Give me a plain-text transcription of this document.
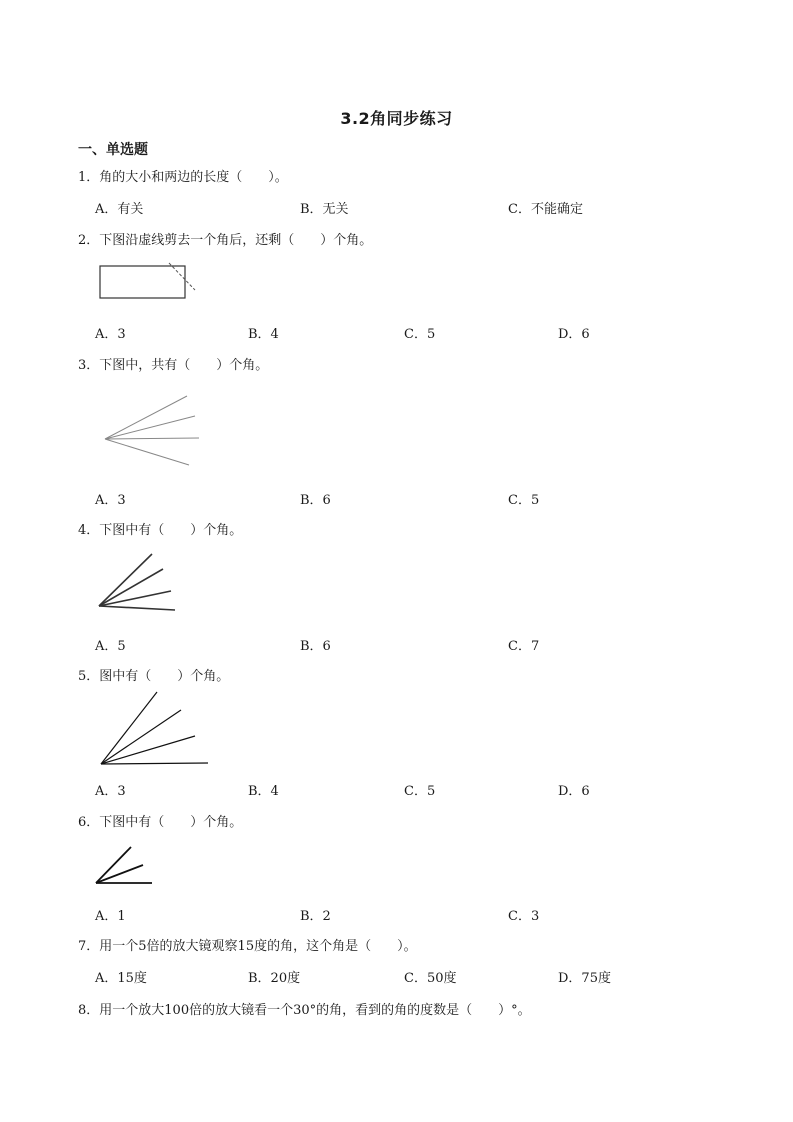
3.2角同步练习
一、单选题
1．角的大小和两边的长度（　　）。
A．有关	B．无关	C．不能确定
2．下图沿虚线剪去一个角后，还剩（　　）个角。
A．3	B．4	C．5	D．6
3．下图中，共有（　　）个角。
A．3	B．6	C．5
4．下图中有（　　）个角。
A．5	B．6	C．7
5．图中有（　　）个角。
A．3	B．4	C．5	D．6
6．下图中有（　　）个角。
A．1	B．2	C．3
7．用一个5倍的放大镜观察15度的角，这个角是（　　）。
A．15度	B．20度	C．50度	D．75度
8．用一个放大100倍的放大镜看一个30°的角，看到的角的度数是（　　）°。
